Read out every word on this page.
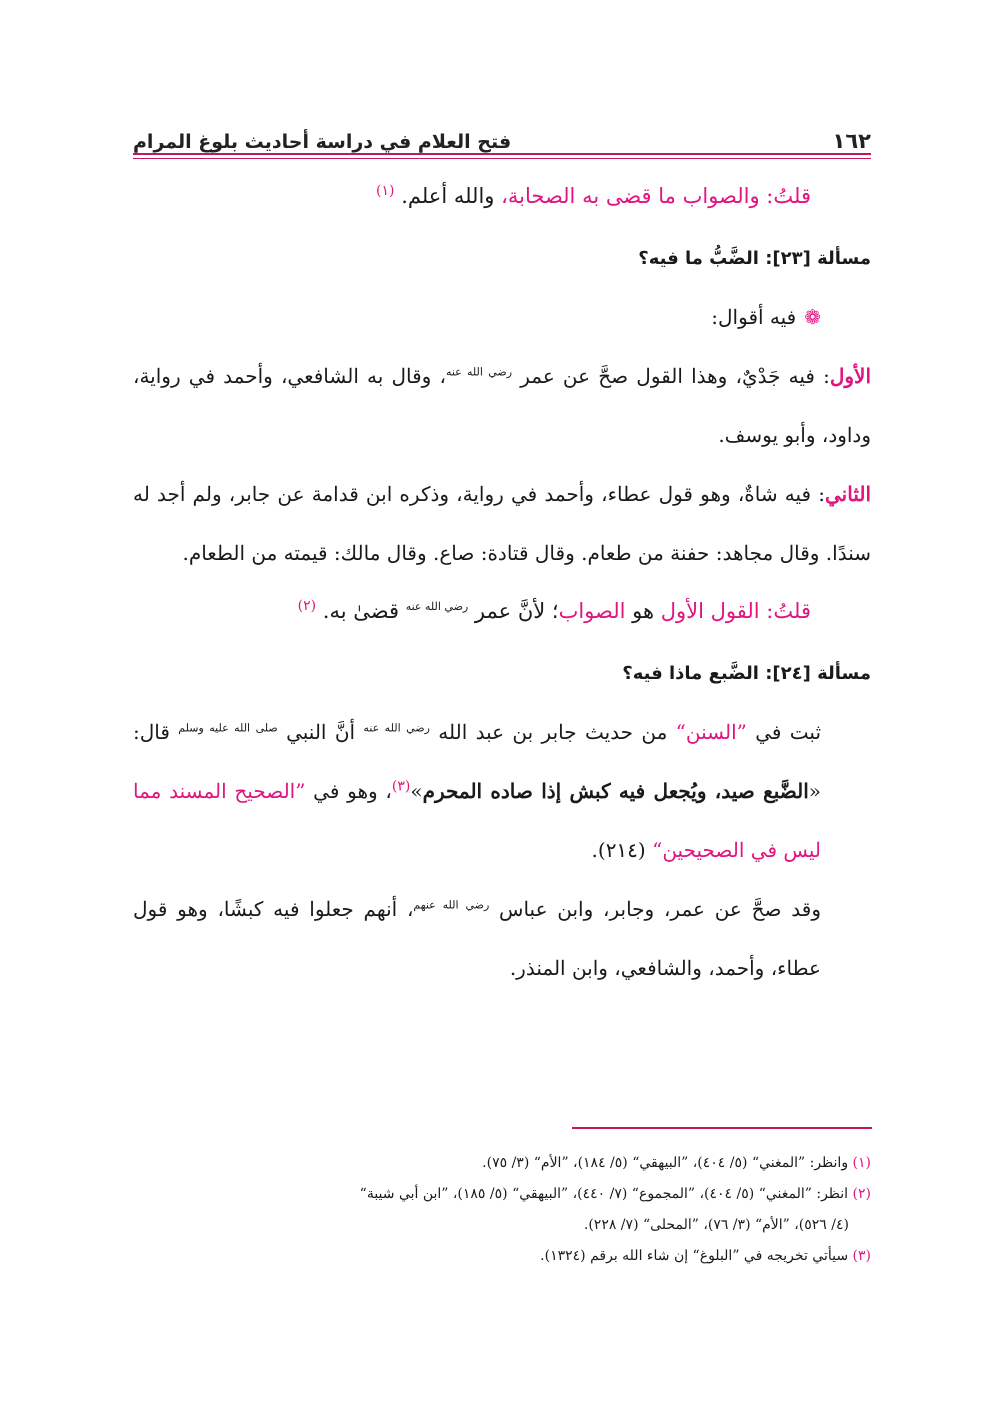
١٦٢
فتح العلام في دراسة أحاديث بلوغ المرام

قلتُ: والصواب ما قضى به الصحابة، والله أعلم. $^{(١)}$

مسألة [٢٣]: الضَّبُّ ما فيه؟

❁فيه أقوال:

الأول: فيه جَدْيٌ، وهذا القول صحَّ عن عمر $^{رضي الله عنه}$، وقال به الشافعي، وأحمد في رواية، وداود، وأبو يوسف.

الثاني: فيه شاةٌ، وهو قول عطاء، وأحمد في رواية، وذكره ابن قدامة عن جابر، ولم أجد له سندًا. وقال مجاهد: حفنة من طعام. وقال قتادة: صاع. وقال مالك: قيمته من الطعام.

قلتُ: القول الأول هو الصواب؛ لأنَّ عمر $^{رضي الله عنه}$ قضىٰ به. $^{(٢)}$

مسألة [٢٤]: الضَّبع ماذا فيه؟

ثبت في ”السنن“ من حديث جابر بن عبد الله $^{رضي الله عنه}$ أنَّ النبي $^{صلى الله عليه وسلم}$ قال: «الضَّبع صيد، ويُجعل فيه كبش إذا صاده المحرم»$^{(٣)}$، وهو في ”الصحيح المسند مما ليس في الصحيحين“ (٢١٤).

وقد صحَّ عن عمر، وجابر، وابن عباس $^{رضي الله عنهم}$، أنهم جعلوا فيه كبشًا، وهو قول عطاء، وأحمد، والشافعي، وابن المنذر.

(١) وانظر: ”المغني“ (٥/ ٤٠٤)، ”البيهقي“ (٥/ ١٨٤)، ”الأم“ (٣/ ٧٥).

(٢) انظر: ”المغني“ (٥/ ٤٠٤)، ”المجموع“ (٧/ ٤٤٠)، ”البيهقي“ (٥/ ١٨٥)، ”ابن أبي شيبة“

(٤/ ٥٢٦)، ”الأم“ (٣/ ٧٦)، ”المحلى“ (٧/ ٢٢٨).

(٣) سيأتي تخريجه في ”البلوغ“ إن شاء الله برقم (١٣٢٤).
